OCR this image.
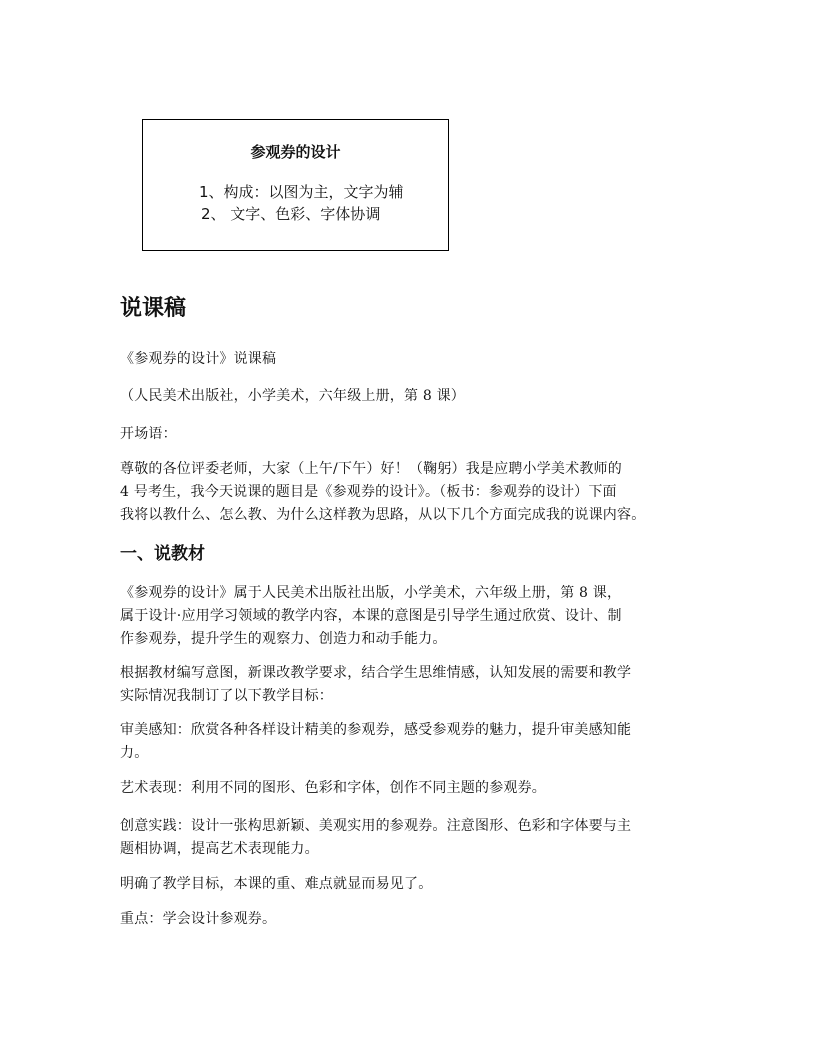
参观券的设计
1、构成：以图为主，文字为辅
2、 文字、色彩、字体协调
说课稿
《参观券的设计》说课稿
（人民美术出版社，小学美术，六年级上册，第 8 课）
开场语：
尊敬的各位评委老师，大家（上午/下午）好！（鞠躬）我是应聘小学美术教师的
4 号考生，我今天说课的题目是《参观券的设计》。（板书：参观券的设计）下面
我将以教什么、怎么教、为什么这样教为思路，从以下几个方面完成我的说课内容。
一、说教材
《参观券的设计》属于人民美术出版社出版，小学美术，六年级上册，第 8 课，
属于设计·应用学习领域的教学内容，本课的意图是引导学生通过欣赏、设计、制
作参观券，提升学生的观察力、创造力和动手能力。
根据教材编写意图，新课改教学要求，结合学生思维情感，认知发展的需要和教学
实际情况我制订了以下教学目标：
审美感知：欣赏各种各样设计精美的参观券，感受参观券的魅力，提升审美感知能
力。
艺术表现：利用不同的图形、色彩和字体，创作不同主题的参观券。
创意实践：设计一张构思新颖、美观实用的参观券。注意图形、色彩和字体要与主
题相协调，提高艺术表现能力。
明确了教学目标，本课的重、难点就显而易见了。
重点：学会设计参观券。
